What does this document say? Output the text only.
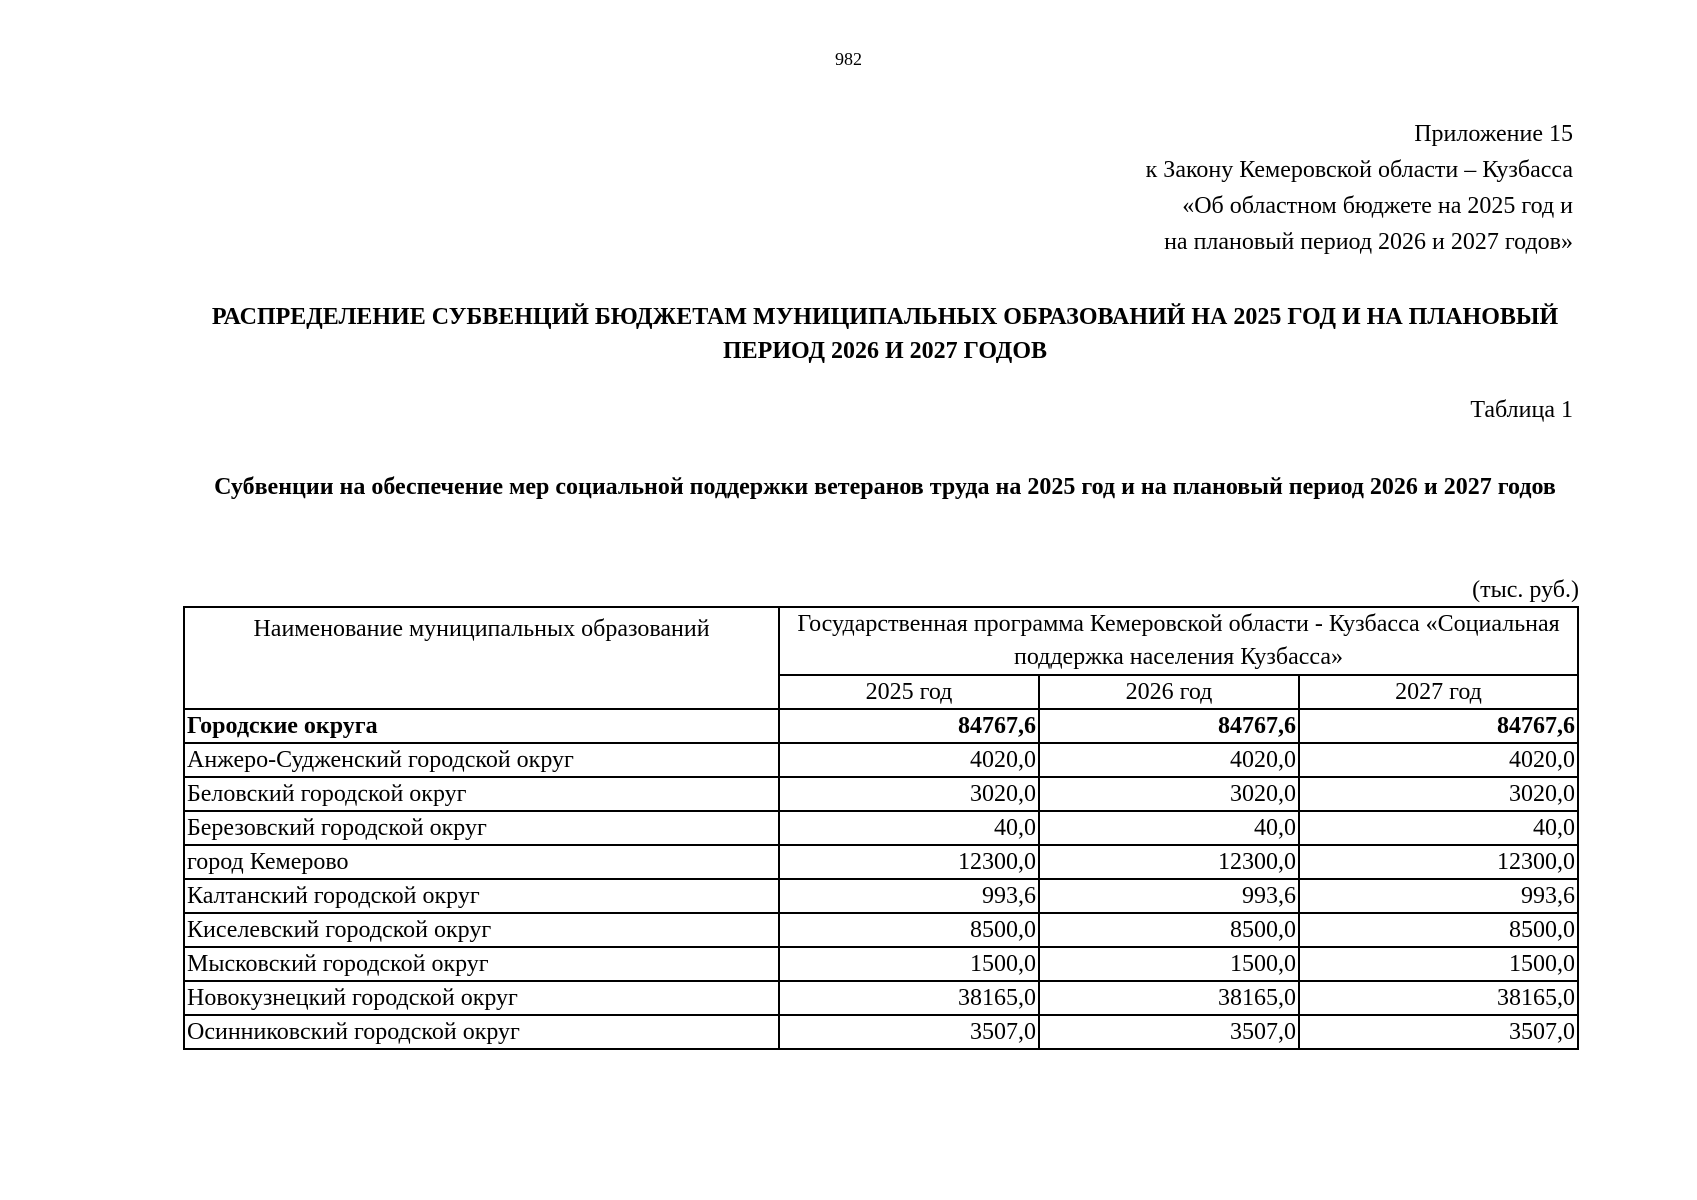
982
Приложение 15
к Закону Кемеровской области – Кузбасса
«Об областном бюджете на 2025 год и
на плановый период 2026 и 2027 годов»
РАСПРЕДЕЛЕНИЕ СУБВЕНЦИЙ БЮДЖЕТАМ МУНИЦИПАЛЬНЫХ ОБРАЗОВАНИЙ НА 2025 ГОД И НА ПЛАНОВЫЙ ПЕРИОД 2026 И 2027 ГОДОВ
Таблица 1
Субвенции на обеспечение мер социальной поддержки ветеранов труда на 2025 год и на плановый период 2026 и 2027 годов
(тыс. руб.)
Наименование муниципальных образований	Государственная программа Кемеровской области - Кузбасса «Социальная поддержка населения Кузбасса»		
	2025 год	2026 год	2027 год
Городские округа	84767,6	84767,6	84767,6
Анжеро-Судженский городской округ	4020,0	4020,0	4020,0
Беловский городской округ	3020,0	3020,0	3020,0
Березовский городской округ	40,0	40,0	40,0
город Кемерово	12300,0	12300,0	12300,0
Калтанский городской округ	993,6	993,6	993,6
Киселевский городской округ	8500,0	8500,0	8500,0
Мысковский городской округ	1500,0	1500,0	1500,0
Новокузнецкий городской округ	38165,0	38165,0	38165,0
Осинниковский городской округ	3507,0	3507,0	3507,0
